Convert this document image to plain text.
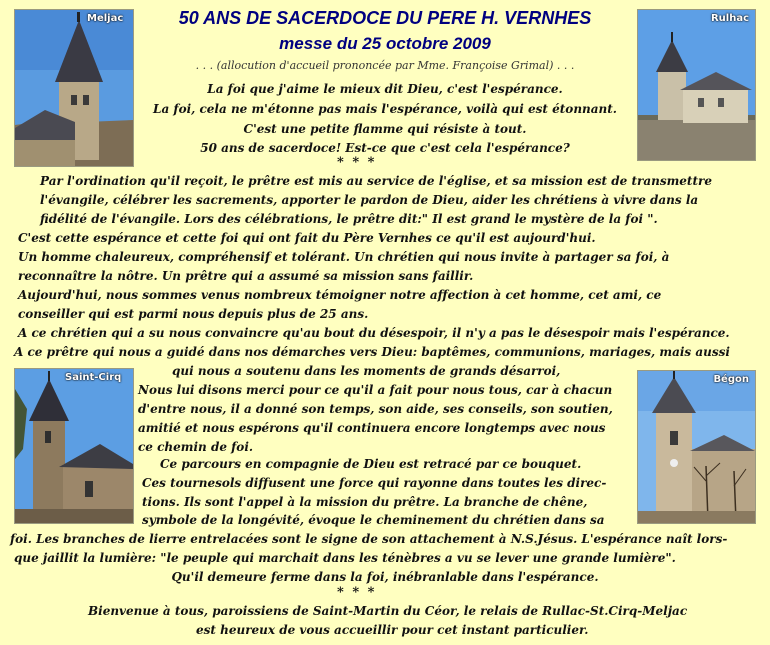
Meljac	Rulhac
Saint-Cirq	Bégon
50 ANS DE SACERDOCE DU PERE H. VERNHES
messe du 25 octobre 2009
. . . (allocution d'accueil prononcée par Mme. Françoise Grimal) . . .
La foi que j'aime le mieux dit Dieu, c'est l'espérance.
La foi, cela ne m'étonne pas mais l'espérance, voilà qui est étonnant.
C'est une petite flamme qui résiste à tout.
50 ans de sacerdoce! Est-ce que c'est cela l'espérance?
* * *
Par l'ordination qu'il reçoit, le prêtre est mis au service de l'église, et sa mission est de transmettre
l'évangile, célébrer les sacrements, apporter le pardon de Dieu, aider les chrétiens à vivre dans la
fidélité de l'évangile. Lors des célébrations, le prêtre dit:" Il est grand le mystère de la foi ".
C'est cette espérance et cette foi qui ont fait du Père Vernhes ce qu'il est aujourd'hui.
Un homme chaleureux, compréhensif et tolérant. Un chrétien qui nous invite à partager sa foi, à
reconnaître la nôtre. Un prêtre qui a assumé sa mission sans faillir.
Aujourd'hui, nous sommes venus nombreux témoigner notre affection à cet homme, cet ami, ce
conseiller qui est parmi nous depuis plus de 25 ans.
A ce chrétien qui a su nous convaincre qu'au bout du désespoir, il n'y a pas le désespoir mais l'espérance.
A ce prêtre qui nous a guidé dans nos démarches vers Dieu: baptêmes, communions, mariages, mais aussi
qui nous a soutenu dans les moments de grands désarroi,
Nous lui disons merci pour ce qu'il a fait pour nous tous, car à chacun
d'entre nous, il a donné son temps, son aide, ses conseils, son soutien,
amitié et nous espérons qu'il continuera encore longtemps avec nous
ce chemin de foi.
Ce parcours en compagnie de Dieu est retracé par ce bouquet.
Ces tournesols diffusent une force qui rayonne dans toutes les direc-
tions. Ils sont l'appel à la mission du prêtre. La branche de chêne,
symbole de la longévité, évoque le cheminement du chrétien dans sa
foi. Les branches de lierre entrelacées sont le signe de son attachement à N.S.Jésus. L'espérance naît lors-
que jaillit la lumière: "le peuple qui marchait dans les ténèbres a vu se lever une grande lumière".
Qu'il demeure ferme dans la foi, inébranlable dans l'espérance.
* * *
Bienvenue à tous, paroissiens de Saint-Martin du Céor, le relais de Rullac-St.Cirq-Meljac
est heureux de vous accueillir pour cet instant particulier.
